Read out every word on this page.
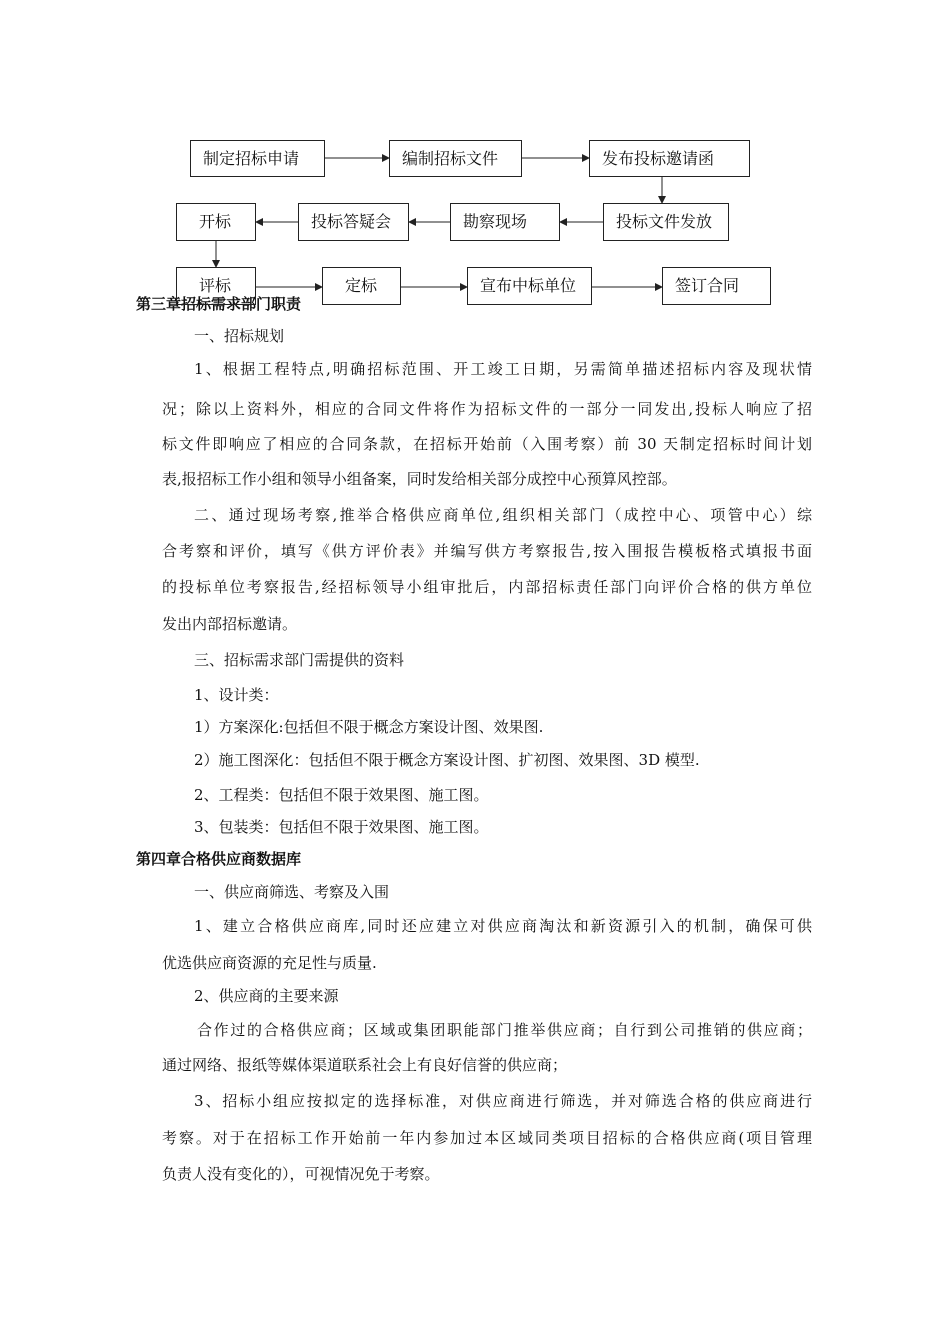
制定招标申请	编制招标文件	发布投标邀请函
投标文件发放
勘察现场
投标答疑会
开标
评标	定标	宣布中标单位	签订合同
第三章招标需求部门职责
一、招标规划
1、根据工程特点,明确招标范围、开工竣工日期，另需简单描述招标内容及现状情
况；除以上资料外，相应的合同文件将作为招标文件的一部分一同发出,投标人响应了招
标文件即响应了相应的合同条款，在招标开始前（入围考察）前 30 天制定招标时间计划
表,报招标工作小组和领导小组备案，同时发给相关部分成控中心预算风控部。
二、通过现场考察,推举合格供应商单位,组织相关部门（成控中心、项管中心）综
合考察和评价，填写《供方评价表》并编写供方考察报告,按入围报告模板格式填报书面
的投标单位考察报告,经招标领导小组审批后，内部招标责任部门向评价合格的供方单位
发出内部招标邀请。
三、招标需求部门需提供的资料
1、设计类：
1）方案深化:包括但不限于概念方案设计图、效果图.
2）施工图深化：包括但不限于概念方案设计图、扩初图、效果图、3D 模型.
2、工程类：包括但不限于效果图、施工图。
3、包装类：包括但不限于效果图、施工图。
第四章合格供应商数据库
一、供应商筛选、考察及入围
1、建立合格供应商库,同时还应建立对供应商淘汰和新资源引入的机制，确保可供
优选供应商资源的充足性与质量.
2、供应商的主要来源
合作过的合格供应商；区域或集团职能部门推举供应商；自行到公司推销的供应商；
通过网络、报纸等媒体渠道联系社会上有良好信誉的供应商；
3、招标小组应按拟定的选择标准，对供应商进行筛选，并对筛选合格的供应商进行
考察。对于在招标工作开始前一年内参加过本区域同类项目招标的合格供应商(项目管理
负责人没有变化的），可视情况免于考察。
